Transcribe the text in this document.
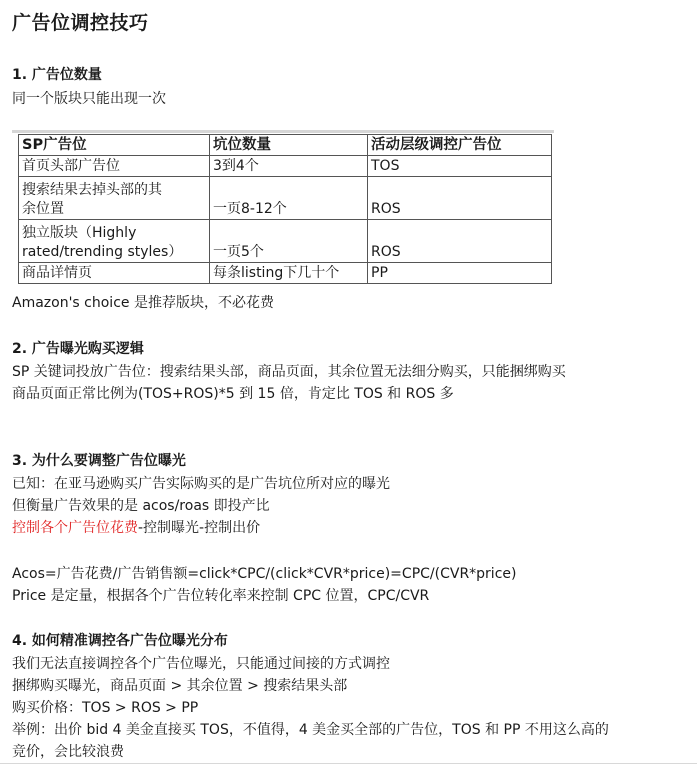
广告位调控技巧
1. 广告位数量
同一个版块只能出现一次
SP广告位	坑位数量	活动层级调控广告位
首页头部广告位	3到4个	TOS
搜索结果去掉头部的其
余位置	一页8-12个	ROS
独立版块（Highly
rated/trending styles）	一页5个	ROS
商品详情页	每条listing下几十个	PP
Amazon's choice 是推荐版块，不必花费
2. 广告曝光购买逻辑
SP 关键词投放广告位：搜索结果头部，商品页面，其余位置无法细分购买，只能捆绑购买
商品页面正常比例为(TOS+ROS)*5 到 15 倍，肯定比 TOS 和 ROS 多
3. 为什么要调整广告位曝光
已知：在亚马逊购买广告实际购买的是广告坑位所对应的曝光
但衡量广告效果的是 acos/roas 即投产比
控制各个广告位花费-控制曝光-控制出价
Acos=广告花费/广告销售额=click*CPC/(click*CVR*price)=CPC/(CVR*price)
Price 是定量，根据各个广告位转化率来控制 CPC 位置，CPC/CVR
4. 如何精准调控各广告位曝光分布
我们无法直接调控各个广告位曝光，只能通过间接的方式调控
捆绑购买曝光，商品页面 > 其余位置 > 搜索结果头部
购买价格：TOS > ROS > PP
举例：出价 bid 4 美金直接买 TOS，不值得，4 美金买全部的广告位，TOS 和 PP 不用这么高的
竞价，会比较浪费
